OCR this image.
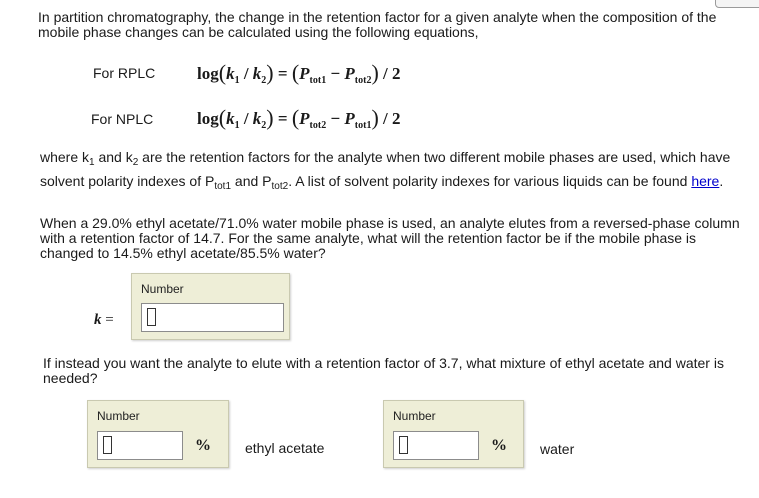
In partition chromatography, the change in the retention factor for a given analyte when the composition of the mobile phase changes can be calculated using the following equations,

For RPLC $\log(k_1 / k_2) = (P_{tot1} - P_{tot2}) / 2$
For NPLC	$\log(k_1 / k_2) = (P_{tot2} - P_{tot1}) / 2$

where $k_1$ and $k_2$ are the retention factors for the analyte when two different mobile phases are used, which have solvent polarity indexes of $P_{tot1}$ and $P_{tot2}$. A list of solvent polarity indexes for various liquids can be found here.

When a 29.0% ethyl acetate/71.0% water mobile phase is used, an analyte elutes from a reversed-phase column with a retention factor of 14.7. For the same analyte, what will the retention factor be if the mobile phase is changed to 14.5% ethyl acetate/85.5% water?

k =
Number

If instead you want the analyte to elute with a retention factor of 3.7, what mixture of ethyl acetate and water is needed?

Number
% ethyl acetate
Number
% water
